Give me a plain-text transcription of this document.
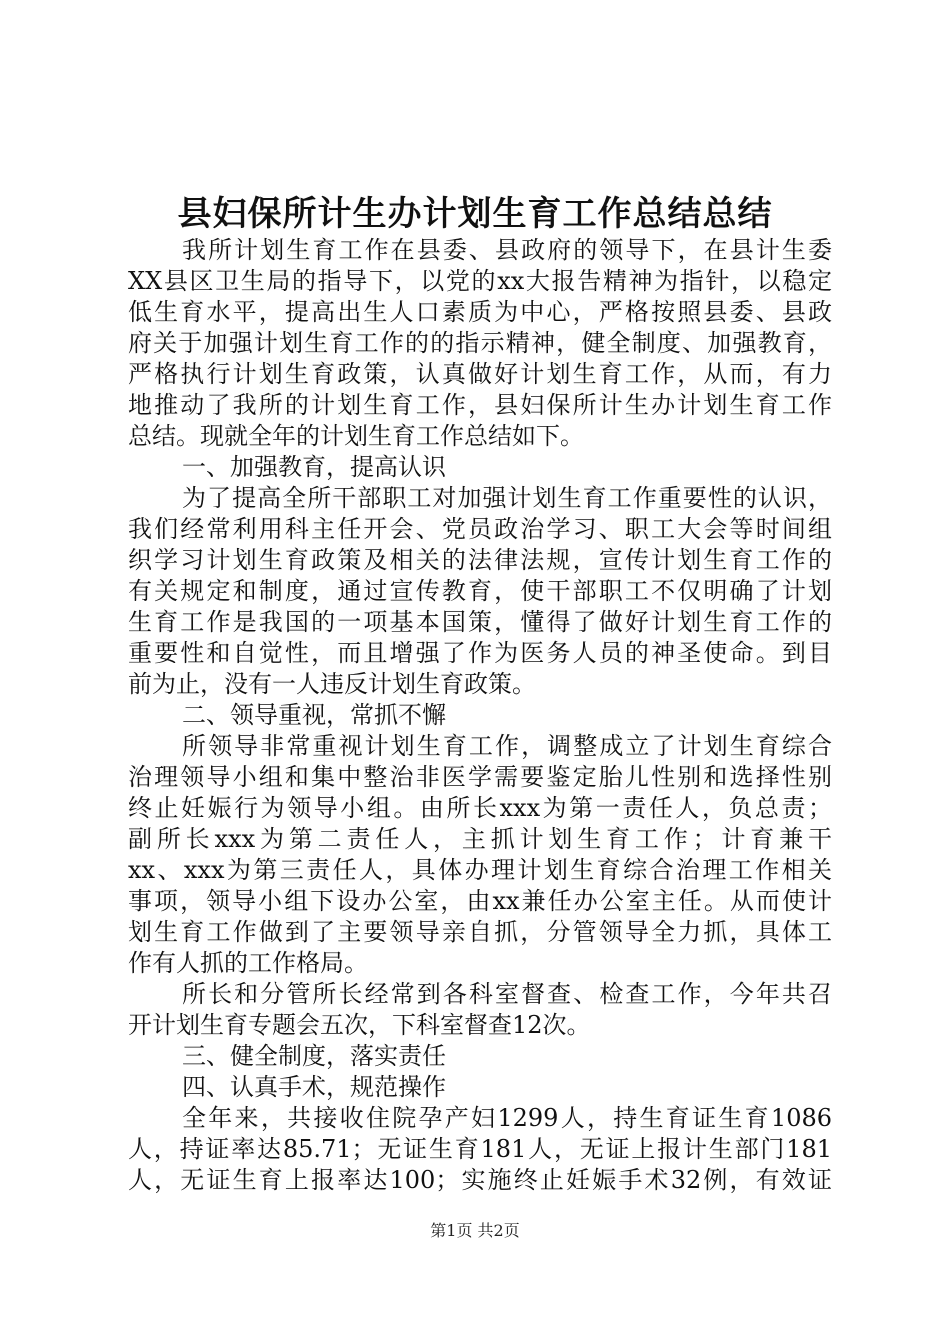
县妇保所计生办计划生育工作总结总结
我所计划生育工作在县委、县政府的领导下，在县计生委
XX县区卫生局的指导下，以党的xx大报告精神为指针，以稳定
低生育水平，提高出生人口素质为中心，严格按照县委、县政
府关于加强计划生育工作的的指示精神，健全制度、加强教育，
严格执行计划生育政策，认真做好计划生育工作，从而，有力
地推动了我所的计划生育工作，县妇保所计生办计划生育工作
总结。现就全年的计划生育工作总结如下。
一、加强教育，提高认识
为了提高全所干部职工对加强计划生育工作重要性的认识，
我们经常利用科主任开会、党员政治学习、职工大会等时间组
织学习计划生育政策及相关的法律法规，宣传计划生育工作的
有关规定和制度，通过宣传教育，使干部职工不仅明确了计划
生育工作是我国的一项基本国策，懂得了做好计划生育工作的
重要性和自觉性，而且增强了作为医务人员的神圣使命。到目
前为止，没有一人违反计划生育政策。
二、领导重视，常抓不懈
所领导非常重视计划生育工作，调整成立了计划生育综合
治理领导小组和集中整治非医学需要鉴定胎儿性别和选择性别
终止妊娠行为领导小组。由所长xxx为第一责任人，负总责；
副所长xxx为第二责任人，主抓计划生育工作；计育兼干
xx、xxx为第三责任人，具体办理计划生育综合治理工作相关
事项，领导小组下设办公室，由xx兼任办公室主任。从而使计
划生育工作做到了主要领导亲自抓，分管领导全力抓，具体工
作有人抓的工作格局。
所长和分管所长经常到各科室督查、检查工作，今年共召
开计划生育专题会五次，下科室督查12次。
三、健全制度，落实责任
四、认真手术，规范操作
全年来，共接收住院孕产妇1299人，持生育证生育1086
人，持证率达85.71；无证生育181人，无证上报计生部门181
人，无证生育上报率达100；实施终止妊娠手术32例，有效证
第1页 共2页
